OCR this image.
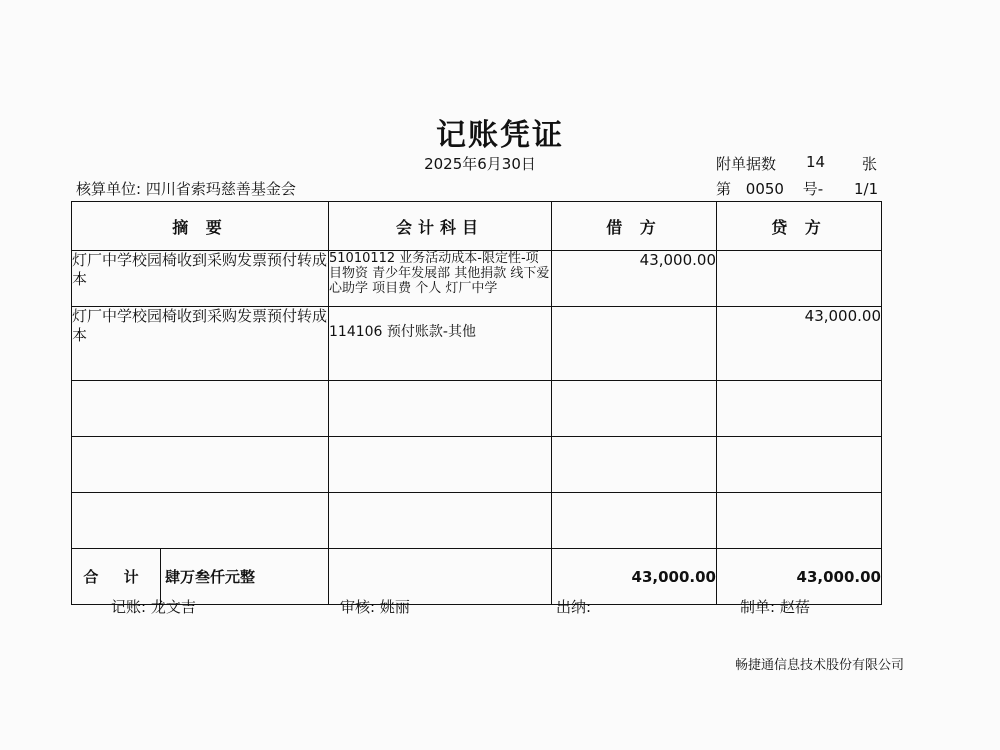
记账凭证
2025年6月30日	附单据数 14 张
核算单位: 四川省索玛慈善基金会	第 0050 号- 1/1
摘 要	会计科目	借 方	贷 方
灯厂中学校园椅收到采购发票预付转成本	51010112 业务活动成本-限定性-项目物资 青少年发展部 其他捐款 线下爱心助学 项目费 个人 灯厂中学	43,000.00	
灯厂中学校园椅收到采购发票预付转成本	114106 预付账款-其他		43,000.00

合 计 肆万叁仟元整		43,000.00	43,000.00
记账: 龙文吉	审核: 姚丽	出纳:	制单: 赵蓓
畅捷通信息技术股份有限公司
